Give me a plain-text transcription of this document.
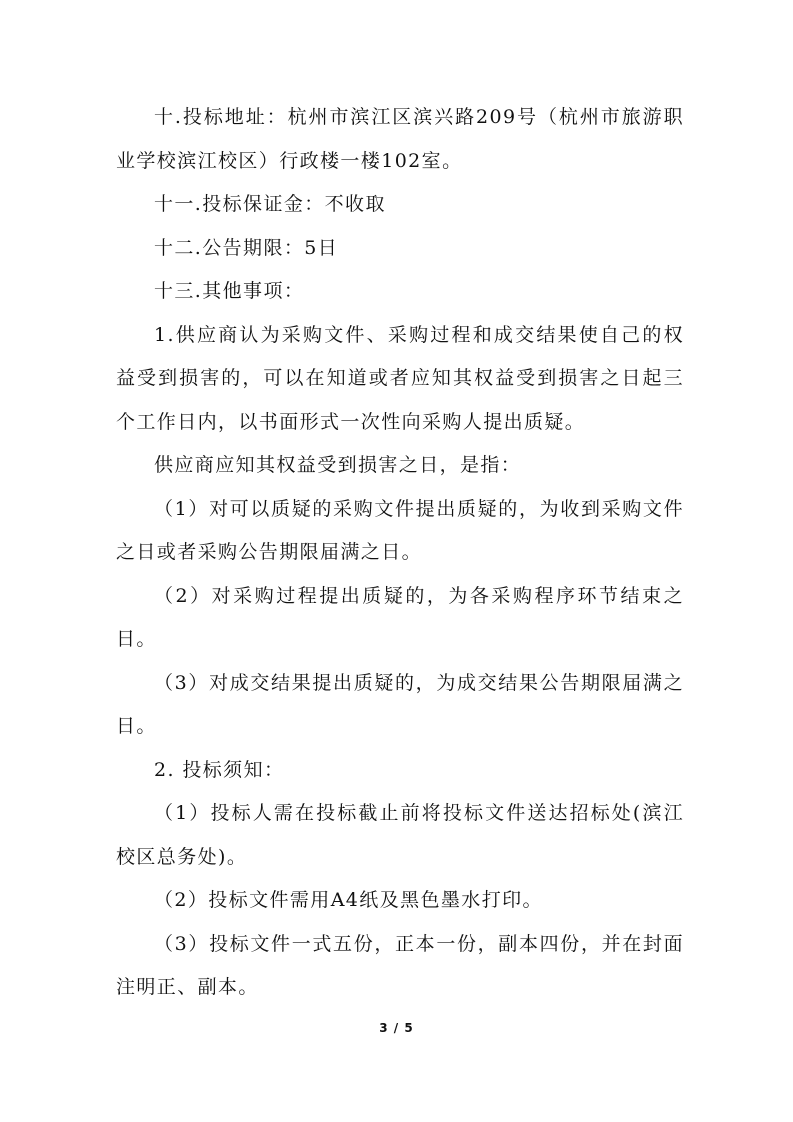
十.投标地址：杭州市滨江区滨兴路209号（杭州市旅游职业学校滨江校区）行政楼一楼102室。

十一.投标保证金：不收取

十二.公告期限：5日

十三.其他事项：

1.供应商认为采购文件、采购过程和成交结果使自己的权益受到损害的，可以在知道或者应知其权益受到损害之日起三个工作日内，以书面形式一次性向采购人提出质疑。

供应商应知其权益受到损害之日，是指：

（1）对可以质疑的采购文件提出质疑的，为收到采购文件之日或者采购公告期限届满之日。

（2）对采购过程提出质疑的，为各采购程序环节结束之日。

（3）对成交结果提出质疑的，为成交结果公告期限届满之日。

2. 投标须知：

（1）投标人需在投标截止前将投标文件送达招标处(滨江校区总务处)。

（2）投标文件需用A4纸及黑色墨水打印。

（3）投标文件一式五份，正本一份，副本四份，并在封面注明正、副本。

3 / 5
